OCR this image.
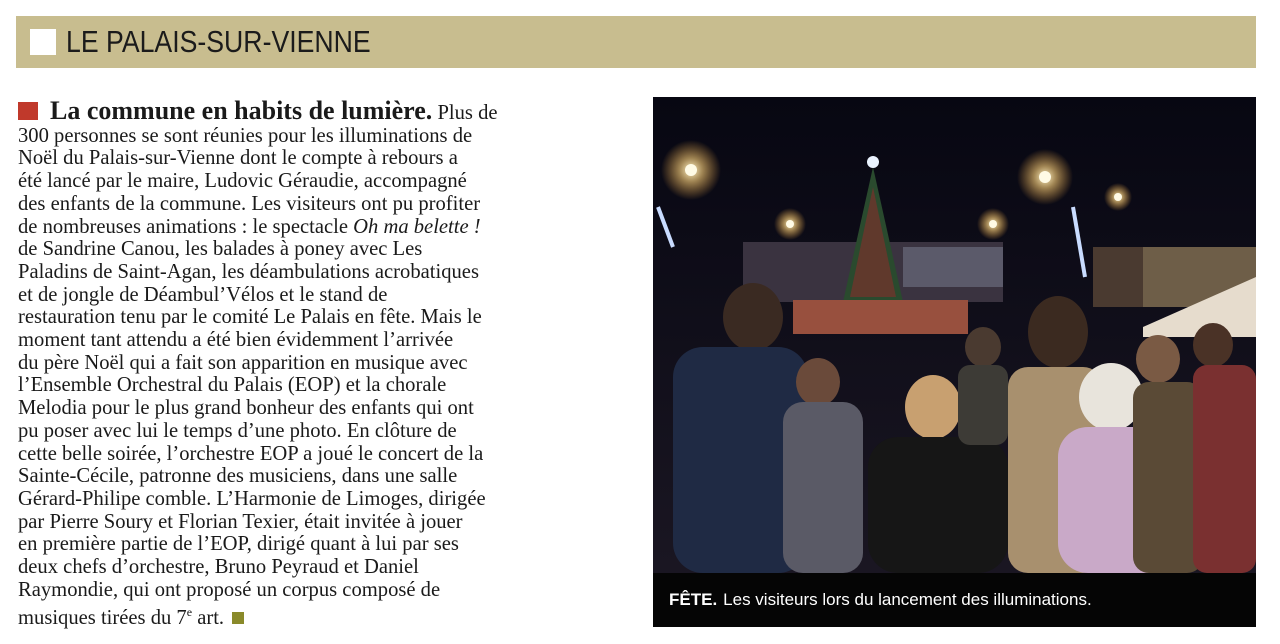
LE PALAIS-SUR-VIENNE

La commune en habits de lumière. Plus de

300 personnes se sont réunies pour les illuminations de

Noël du Palais-sur-Vienne dont le compte à rebours a

été lancé par le maire, Ludovic Géraudie, accompagné

des enfants de la commune. Les visiteurs ont pu profiter

de nombreuses animations : le spectacle Oh ma belette !

de Sandrine Canou, les balades à poney avec Les

Paladins de Saint-Agan, les déambulations acrobatiques

et de jongle de Déambul’Vélos et le stand de

restauration tenu par le comité Le Palais en fête. Mais le

moment tant attendu a été bien évidemment l’arrivée

du père Noël qui a fait son apparition en musique avec

l’Ensemble Orchestral du Palais (EOP) et la chorale

Melodia pour le plus grand bonheur des enfants qui ont

pu poser avec lui le temps d’une photo. En clôture de

cette belle soirée, l’orchestre EOP a joué le concert de la

Sainte-Cécile, patronne des musiciens, dans une salle

Gérard-Philipe comble. L’Harmonie de Limoges, dirigée

par Pierre Soury et Florian Texier, était invitée à jouer

en première partie de l’EOP, dirigé quant à lui par ses

deux chefs d’orchestre, Bruno Peyraud et Daniel

Raymondie, qui ont proposé un corpus composé de

musiques tirées du 7e art.

FÊTE. Les visiteurs lors du lancement des illuminations.
